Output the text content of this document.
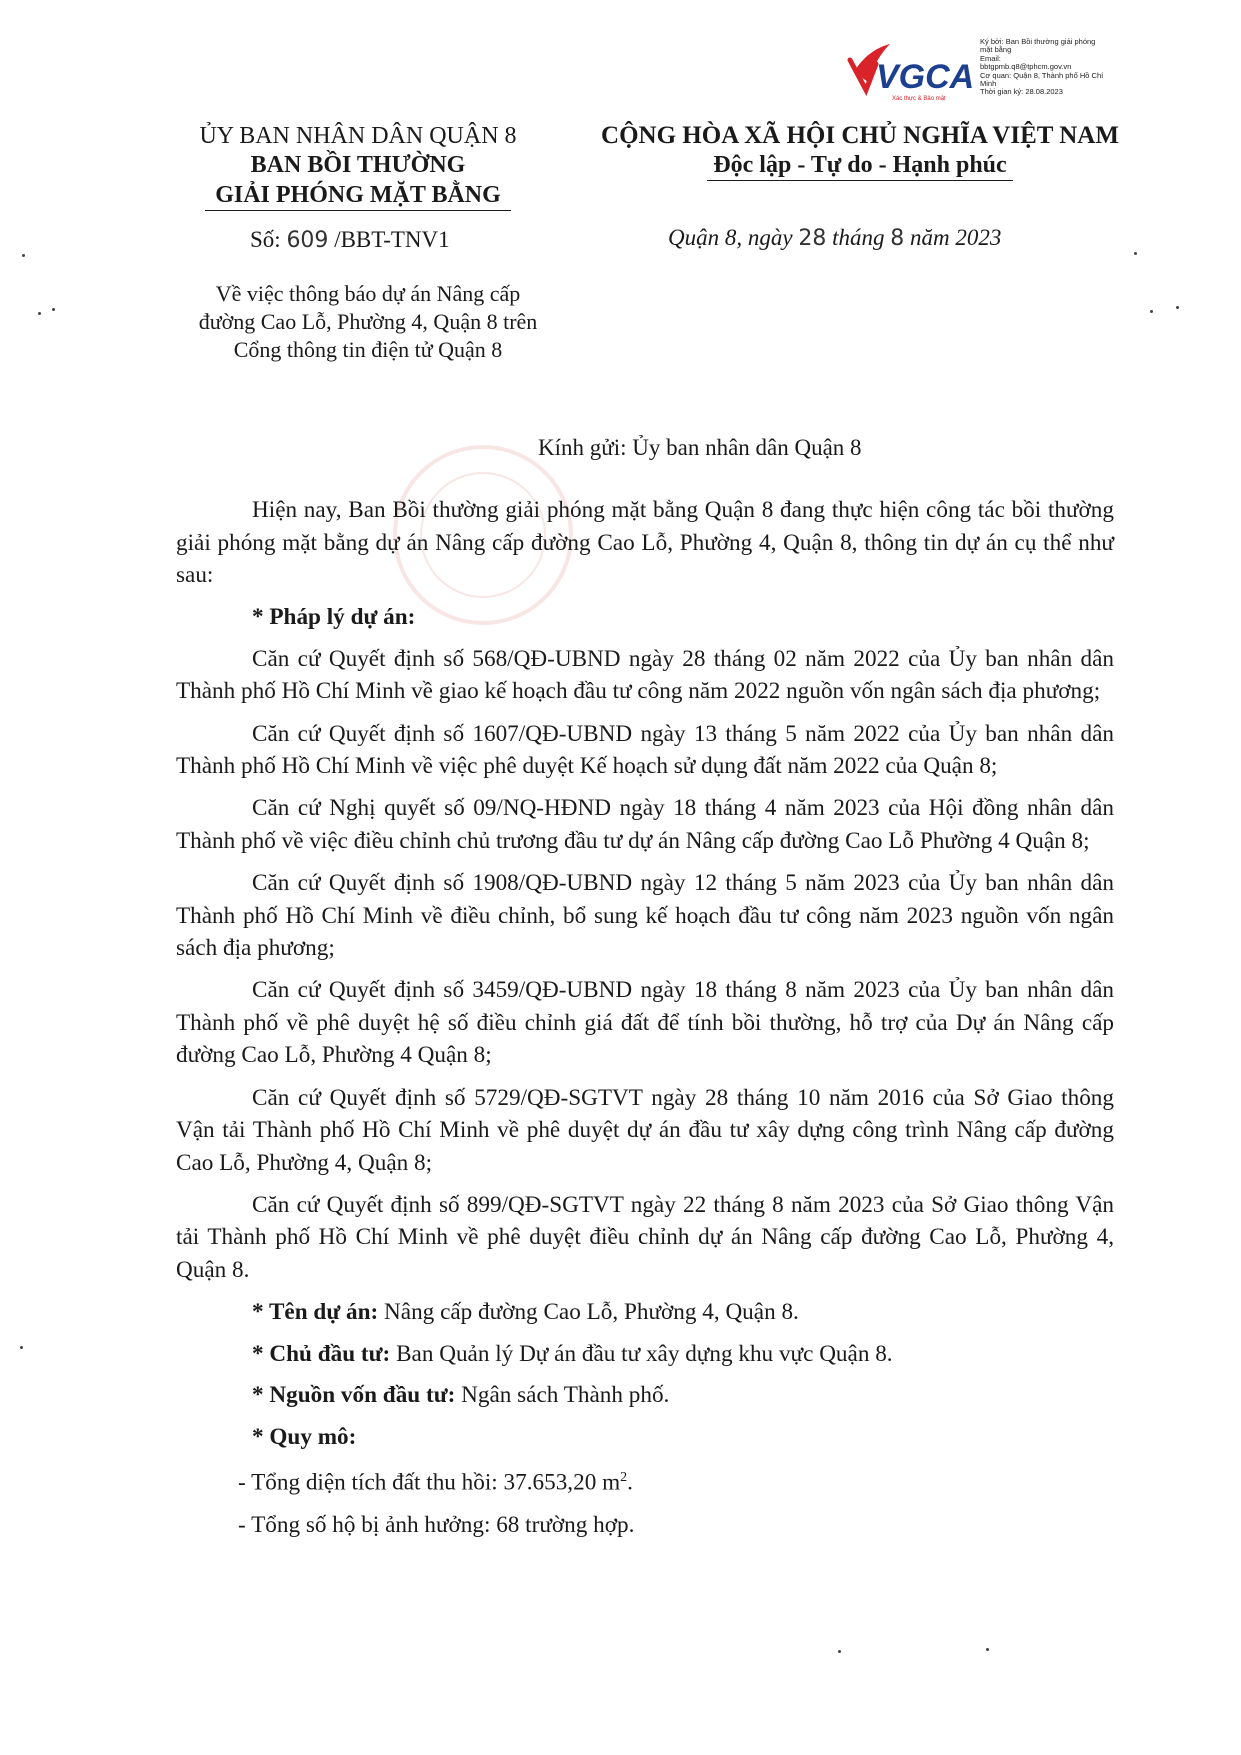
VGCA
Xác thực & Bảo mật
Ký bởi: Ban Bồi thường giải phóng mặt bằng
Email:
bbtgpmb.q8@tphcm.gov.vn
Cơ quan: Quận 8, Thành phố Hồ Chí Minh
Thời gian ký: 28.08.2023
ỦY BAN NHÂN DÂN QUẬN 8
BAN BỒI THƯỜNG
GIẢI PHÓNG MẶT BẰNG
CỘNG HÒA XÃ HỘI CHỦ NGHĨA VIỆT NAM
Độc lập - Tự do - Hạnh phúc
Số: 609 /BBT-TNV1	Quận 8, ngày 28 tháng 8 năm 2023
Về việc thông báo dự án Nâng cấp
đường Cao Lỗ, Phường 4, Quận 8 trên
Cổng thông tin điện tử Quận 8
Kính gửi: Ủy ban nhân dân Quận 8

Hiện nay, Ban Bồi thường giải phóng mặt bằng Quận 8 đang thực hiện công tác bồi thường giải phóng mặt bằng dự án Nâng cấp đường Cao Lỗ, Phường 4, Quận 8, thông tin dự án cụ thể như sau:

* Pháp lý dự án:

Căn cứ Quyết định số 568/QĐ-UBND ngày 28 tháng 02 năm 2022 của Ủy ban nhân dân Thành phố Hồ Chí Minh về giao kế hoạch đầu tư công năm 2022 nguồn vốn ngân sách địa phương;

Căn cứ Quyết định số 1607/QĐ-UBND ngày 13 tháng 5 năm 2022 của Ủy ban nhân dân Thành phố Hồ Chí Minh về việc phê duyệt Kế hoạch sử dụng đất năm 2022 của Quận 8;

Căn cứ Nghị quyết số 09/NQ-HĐND ngày 18 tháng 4 năm 2023 của Hội đồng nhân dân Thành phố về việc điều chỉnh chủ trương đầu tư dự án Nâng cấp đường Cao Lỗ Phường 4 Quận 8;

Căn cứ Quyết định số 1908/QĐ-UBND ngày 12 tháng 5 năm 2023 của Ủy ban nhân dân Thành phố Hồ Chí Minh về điều chỉnh, bổ sung kế hoạch đầu tư công năm 2023 nguồn vốn ngân sách địa phương;

Căn cứ Quyết định số 3459/QĐ-UBND ngày 18 tháng 8 năm 2023 của Ủy ban nhân dân Thành phố về phê duyệt hệ số điều chỉnh giá đất để tính bồi thường, hỗ trợ của Dự án Nâng cấp đường Cao Lỗ, Phường 4 Quận 8;

Căn cứ Quyết định số 5729/QĐ-SGTVT ngày 28 tháng 10 năm 2016 của Sở Giao thông Vận tải Thành phố Hồ Chí Minh về phê duyệt dự án đầu tư xây dựng công trình Nâng cấp đường Cao Lỗ, Phường 4, Quận 8;

Căn cứ Quyết định số 899/QĐ-SGTVT ngày 22 tháng 8 năm 2023 của Sở Giao thông Vận tải Thành phố Hồ Chí Minh về phê duyệt điều chỉnh dự án Nâng cấp đường Cao Lỗ, Phường 4, Quận 8.

* Tên dự án: Nâng cấp đường Cao Lỗ, Phường 4, Quận 8.

* Chủ đầu tư: Ban Quản lý Dự án đầu tư xây dựng khu vực Quận 8.

* Nguồn vốn đầu tư: Ngân sách Thành phố.

* Quy mô:

- Tổng diện tích đất thu hồi: 37.653,20 $m^2$.

- Tổng số hộ bị ảnh hưởng: 68 trường hợp.
